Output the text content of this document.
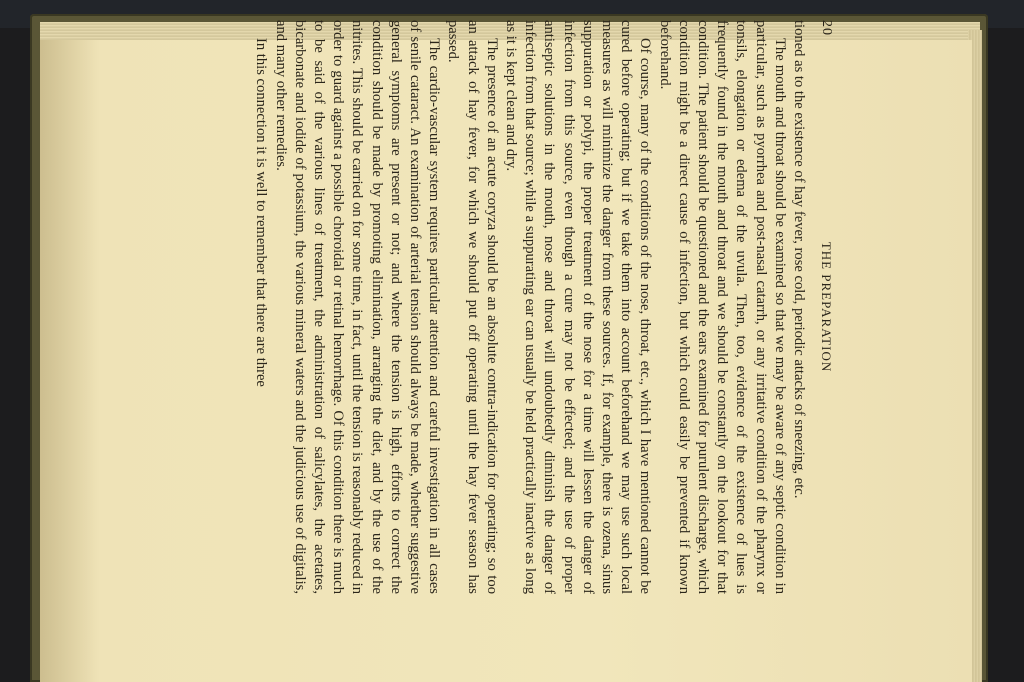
20
THE PREPARATION

tioned as to the existence of hay fever, rose cold, periodic attacks of sneezing, etc.

The mouth and throat should be examined so that we may be aware of any septic condition in particular, such as pyorrhea and post-nasal catarrh, or any irritative condition of the pharynx or tonsils, elongation or edema of the uvula. Then, too, evidence of the existence of lues is frequently found in the mouth and throat and we should be constantly on the lookout for that condition. The patient should be questioned and the ears examined for purulent discharge, which condition might be a direct cause of infection, but which could easily be prevented if known beforehand.

Of course, many of the conditions of the nose, throat, etc., which I have mentioned cannot be cured before operating; but if we take them into account beforehand we may use such local measures as will minimize the danger from these sources. If, for example, there is ozena, sinus suppuration or polypi, the proper treatment of the nose for a time will lessen the danger of infection from this source, even though a cure may not be effected; and the use of proper antiseptic solutions in the mouth, nose and throat will undoubtedly diminish the danger of infection from that source; while a suppurating ear can usually be held practically inactive as long as it is kept clean and dry.

The presence of an acute coryza should be an absolute contra-indication for operating; so too an attack of hay fever, for which we should put off operating until the hay fever season has passed.

The cardio-vascular system requires particular attention and careful investigation in all cases of senile cataract. An examination of arterial tension should always be made, whether suggestive general symptoms are present or not; and where the tension is high, efforts to correct the condition should be made by promoting elimination, arranging the diet, and by the use of the nitrites. This should be carried on for some time, in fact, until the tension is reasonably reduced in order to guard against a possible choroidal or retinal hemorrhage. Of this condition there is much to be said of the various lines of treatment, the administration of salicylates, the acetates, bicarbonate and iodide of potassium, the various mineral waters and the judicious use of digitalis, and many other remedies.

In this connection it is well to remember that there are three
